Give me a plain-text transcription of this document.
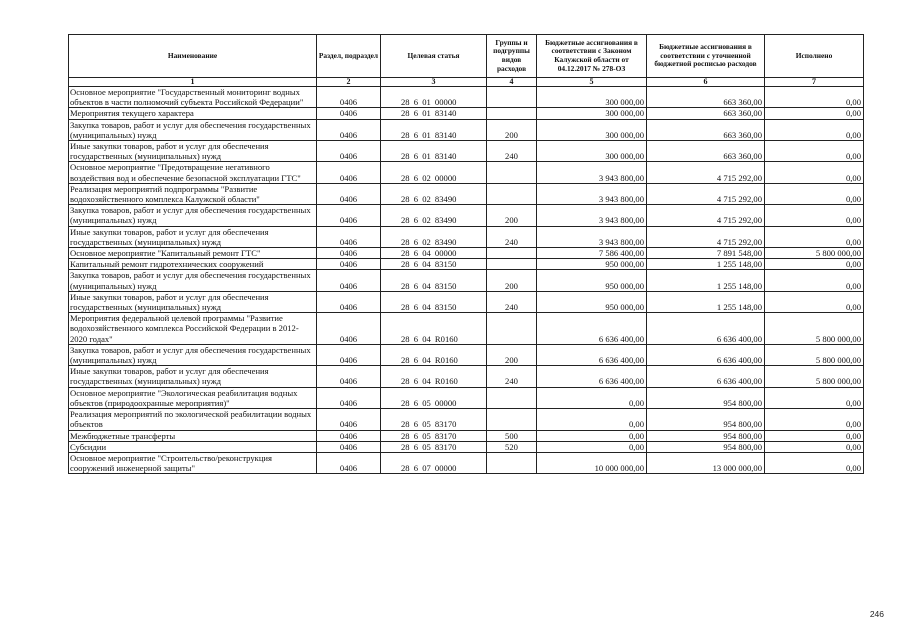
Наименование	Раздел, подраздел	Целевая статья	Группы и подгруппы видов расходов	Бюджетные ассигнования в соответствии с Законом Калужской области от 04.12.2017 № 278-ОЗ	Бюджетные ассигнования в соответствии с уточненной бюджетной росписью расходов	Исполнено
1	2	3	4	5	6	7
Основное мероприятие "Государственный мониторинг водных объектов в части полномочий субъекта Российской Федерации"	0406	28 6 01 00000		300 000,00	663 360,00	0,00
Мероприятия текущего характера	0406	28 6 01 83140		300 000,00	663 360,00	0,00
Закупка товаров, работ и услуг для обеспечения государственных (муниципальных) нужд	0406	28 6 01 83140	200	300 000,00	663 360,00	0,00
Иные закупки товаров, работ и услуг для обеспечения государственных (муниципальных) нужд	0406	28 6 01 83140	240	300 000,00	663 360,00	0,00
Основное мероприятие "Предотвращение негативного воздействия вод и обеспечение безопасной эксплуатации ГТС"	0406	28 6 02 00000		3 943 800,00	4 715 292,00	0,00
Реализация мероприятий подпрограммы "Развитие водохозяйственного комплекса Калужской области"	0406	28 6 02 83490		3 943 800,00	4 715 292,00	0,00
Закупка товаров, работ и услуг для обеспечения государственных (муниципальных) нужд	0406	28 6 02 83490	200	3 943 800,00	4 715 292,00	0,00
Иные закупки товаров, работ и услуг для обеспечения государственных (муниципальных) нужд	0406	28 6 02 83490	240	3 943 800,00	4 715 292,00	0,00
Основное мероприятие "Капитальный ремонт ГТС"	0406	28 6 04 00000		7 586 400,00	7 891 548,00	5 800 000,00
Капитальный ремонт гидротехнических сооружений	0406	28 6 04 83150		950 000,00	1 255 148,00	0,00
Закупка товаров, работ и услуг для обеспечения государственных (муниципальных) нужд	0406	28 6 04 83150	200	950 000,00	1 255 148,00	0,00
Иные закупки товаров, работ и услуг для обеспечения государственных (муниципальных) нужд	0406	28 6 04 83150	240	950 000,00	1 255 148,00	0,00
Мероприятия федеральной целевой программы "Развитие водохозяйственного комплекса Российской Федерации в 2012-2020 годах"	0406	28 6 04 R0160		6 636 400,00	6 636 400,00	5 800 000,00
Закупка товаров, работ и услуг для обеспечения государственных (муниципальных) нужд	0406	28 6 04 R0160	200	6 636 400,00	6 636 400,00	5 800 000,00
Иные закупки товаров, работ и услуг для обеспечения государственных (муниципальных) нужд	0406	28 6 04 R0160	240	6 636 400,00	6 636 400,00	5 800 000,00
Основное мероприятие "Экологическая реабилитация водных объектов (природоохранные мероприятия)"	0406	28 6 05 00000		0,00	954 800,00	0,00
Реализация мероприятий по экологической реабилитации водных объектов	0406	28 6 05 83170		0,00	954 800,00	0,00
Межбюджетные трансферты	0406	28 6 05 83170	500	0,00	954 800,00	0,00
Субсидии	0406	28 6 05 83170	520	0,00	954 800,00	0,00
Основное мероприятие "Строительство/реконструкция сооружений инженерной защиты"	0406	28 6 07 00000		10 000 000,00	13 000 000,00	0,00
246
